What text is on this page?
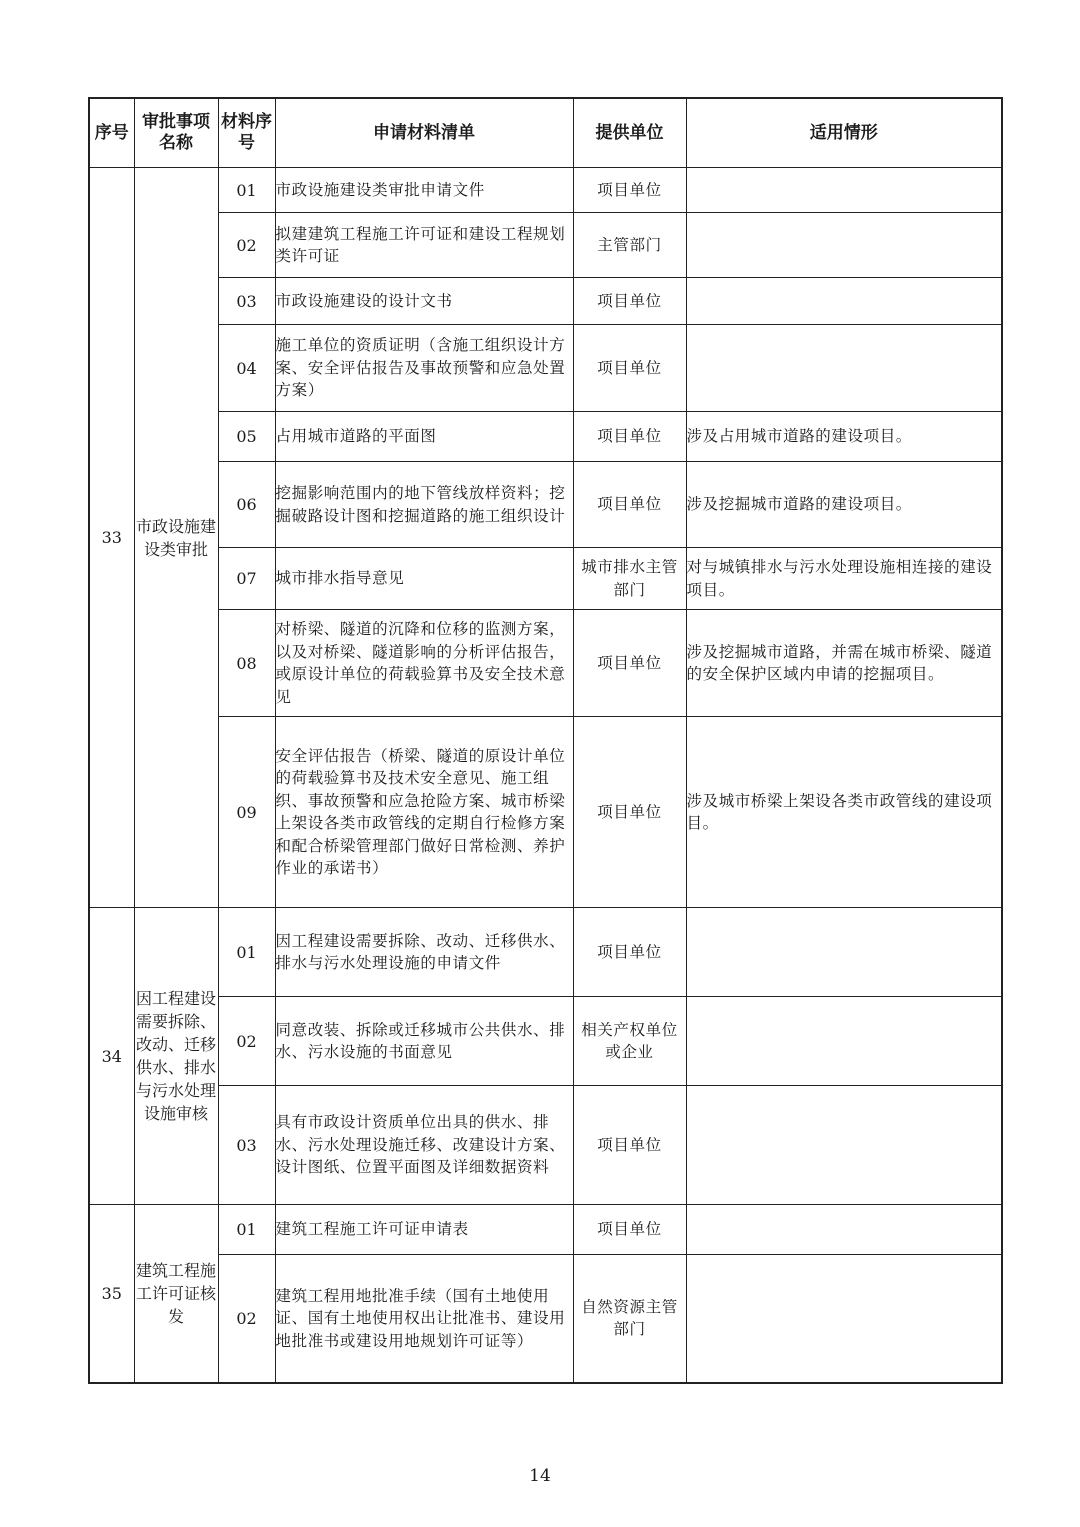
序号	审批事项名称	材料序号	申请材料清单	提供单位	适用情形
33	市政设施建设类审批	01	市政设施建设类审批申请文件	项目单位	
		02	拟建建筑工程施工许可证和建设工程规划类许可证	主管部门	
		03	市政设施建设的设计文书	项目单位	
		04	施工单位的资质证明（含施工组织设计方案、安全评估报告及事故预警和应急处置方案）	项目单位	
		05	占用城市道路的平面图	项目单位	涉及占用城市道路的建设项目。
		06	挖掘影响范围内的地下管线放样资料；挖掘破路设计图和挖掘道路的施工组织设计	项目单位	涉及挖掘城市道路的建设项目。
		07	城市排水指导意见	城市排水主管部门	对与城镇排水与污水处理设施相连接的建设项目。
		08	对桥梁、隧道的沉降和位移的监测方案，以及对桥梁、隧道影响的分析评估报告，或原设计单位的荷载验算书及安全技术意见	项目单位	涉及挖掘城市道路，并需在城市桥梁、隧道的安全保护区域内申请的挖掘项目。
		09	安全评估报告（桥梁、隧道的原设计单位的荷载验算书及技术安全意见、施工组织、事故预警和应急抢险方案、城市桥梁上架设各类市政管线的定期自行检修方案和配合桥梁管理部门做好日常检测、养护作业的承诺书）	项目单位	涉及城市桥梁上架设各类市政管线的建设项目。
34	因工程建设需要拆除、改动、迁移供水、排水与污水处理设施审核	01	因工程建设需要拆除、改动、迁移供水、排水与污水处理设施的申请文件	项目单位	
		02	同意改装、拆除或迁移城市公共供水、排水、污水设施的书面意见	相关产权单位或企业	
		03	具有市政设计资质单位出具的供水、排水、污水处理设施迁移、改建设计方案、设计图纸、位置平面图及详细数据资料	项目单位	
35	建筑工程施工许可证核发	01	建筑工程施工许可证申请表	项目单位	
		02	建筑工程用地批准手续（国有土地使用证、国有土地使用权出让批准书、建设用地批准书或建设用地规划许可证等）	自然资源主管部门	
14
